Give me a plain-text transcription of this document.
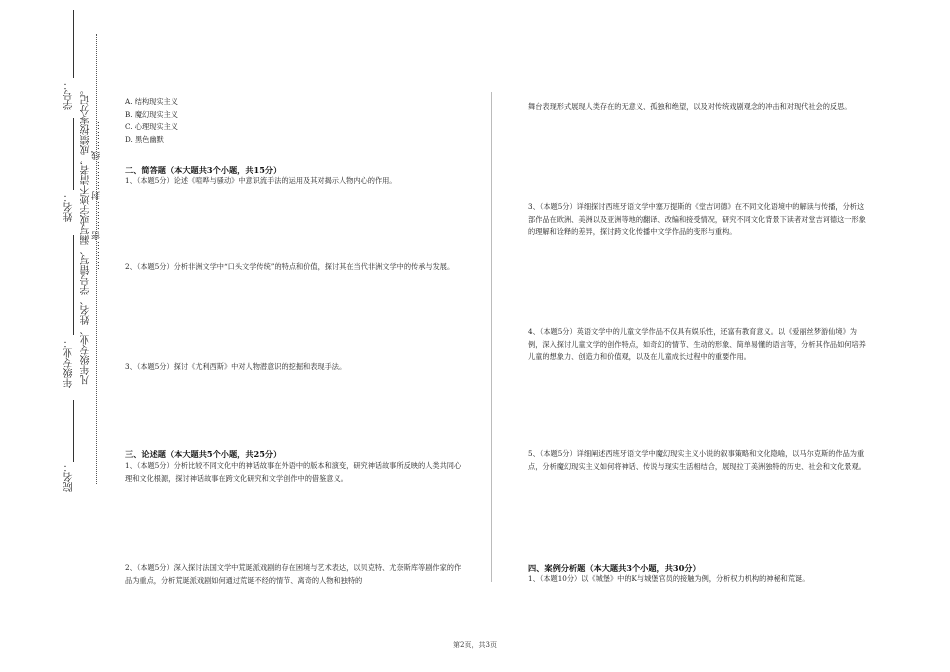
学号：
姓名：
年级专业：
院名：
凡年级专业、姓名、学号错写、漏写或字迹不清者，成绩按零分记。 ………密………封………线………

A. 结构现实主义

B. 魔幻现实主义

C. 心理现实主义

D. 黑色幽默

二、简答题（本大题共3个小题，共15分）

1、（本题5分）论述《喧哗与骚动》中意识流手法的运用及其对揭示人物内心的作用。

2、（本题5分）分析非洲文学中“口头文学传统”的特点和价值，探讨其在当代非洲文学中的传承与发展。

3、（本题5分）探讨《尤利西斯》中对人物潜意识的挖掘和表现手法。

三、论述题（本大题共5个小题，共25分）

1、（本题5分）分析比较不同文化中的神话故事在外语中的版本和演变，研究神话故事所反映的人类共同心理和文化根源，探讨神话故事在跨文化研究和文学创作中的借鉴意义。

2、（本题5分）深入探讨法国文学中荒诞派戏剧的存在困境与艺术表达，以贝克特、尤奈斯库等剧作家的作品为重点，分析荒诞派戏剧如何通过荒诞不经的情节、离奇的人物和独特的

舞台表现形式展现人类存在的无意义、孤独和绝望，以及对传统戏剧观念的冲击和对现代社会的反思。

3、（本题5分）详细探讨西班牙语文学中塞万提斯的《堂吉诃德》在不同文化语境中的解读与传播，分析这部作品在欧洲、美洲以及亚洲等地的翻译、改编和接受情况，研究不同文化背景下读者对堂吉诃德这一形象的理解和诠释的差异，探讨跨文化传播中文学作品的变形与重构。

4、（本题5分）英语文学中的儿童文学作品不仅具有娱乐性，还富有教育意义。以《爱丽丝梦游仙境》为例，深入探讨儿童文学的创作特点，如奇幻的情节、生动的形象、简单易懂的语言等，分析其作品如何培养儿童的想象力、创造力和价值观，以及在儿童成长过程中的重要作用。

5、（本题5分）详细阐述西班牙语文学中魔幻现实主义小说的叙事策略和文化隐喻，以马尔克斯的作品为重点，分析魔幻现实主义如何将神话、传说与现实生活相结合，展现拉丁美洲独特的历史、社会和文化景观。

四、案例分析题（本大题共3个小题，共30分）

1、（本题10分）以《城堡》中的K与城堡官员的接触为例，分析权力机构的神秘和荒诞。

第2页，共3页
